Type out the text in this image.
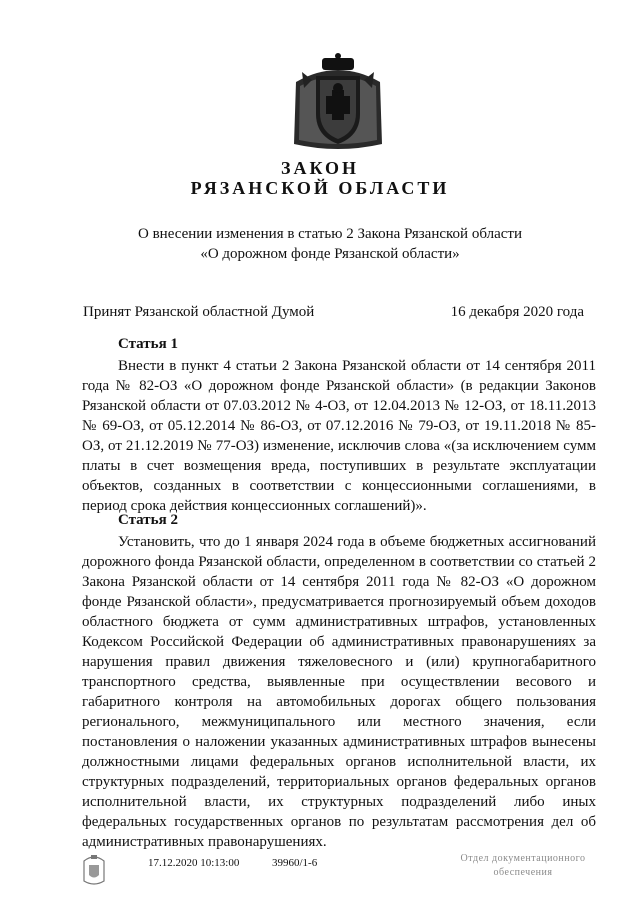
ЗАКОН
РЯЗАНСКОЙ ОБЛАСТИ
О внесении изменения в статью 2 Закона Рязанской области
«О дорожном фонде Рязанской области»
Принят Рязанской областной Думой	16 декабря 2020 года
Статья 1

Внести в пункт 4 статьи 2 Закона Рязанской области от 14 сентября 2011 года № 82-ОЗ «О дорожном фонде Рязанской области» (в редакции Законов Рязанской области от 07.03.2012 № 4-ОЗ, от 12.04.2013 № 12-ОЗ, от 18.11.2013 № 69-ОЗ, от 05.12.2014 № 86-ОЗ, от 07.12.2016 № 79-ОЗ, от 19.11.2018 № 85-ОЗ, от 21.12.2019 № 77-ОЗ) изменение, исключив слова «(за исключением сумм платы в счет возмещения вреда, поступивших в результате эксплуатации объектов, созданных в соответствии с концессионными соглашениями, в период срока действия концессионных соглашений)».

Статья 2

Установить, что до 1 января 2024 года в объеме бюджетных ассигнований дорожного фонда Рязанской области, определенном в соответствии со статьей 2 Закона Рязанской области от 14 сентября 2011 года № 82-ОЗ «О дорожном фонде Рязанской области», предусматривается прогнозируемый объем доходов областного бюджета от сумм административных штрафов, установленных Кодексом Российской Федерации об административных правонарушениях за нарушения правил движения тяжеловесного и (или) крупногабаритного транспортного средства, выявленные при осуществлении весового и габаритного контроля на автомобильных дорогах общего пользования регионального, межмуниципального или местного значения, если постановления о наложении указанных административных штрафов вынесены должностными лицами федеральных органов исполнительной власти, их структурных подразделений, территориальных органов федеральных органов исполнительной власти, их структурных подразделений либо иных федеральных государственных органов по результатам рассмотрения дел об административных правонарушениях.

17.12.2020 10:13:00	39960/1-6	Отдел документационного
обеспечения
